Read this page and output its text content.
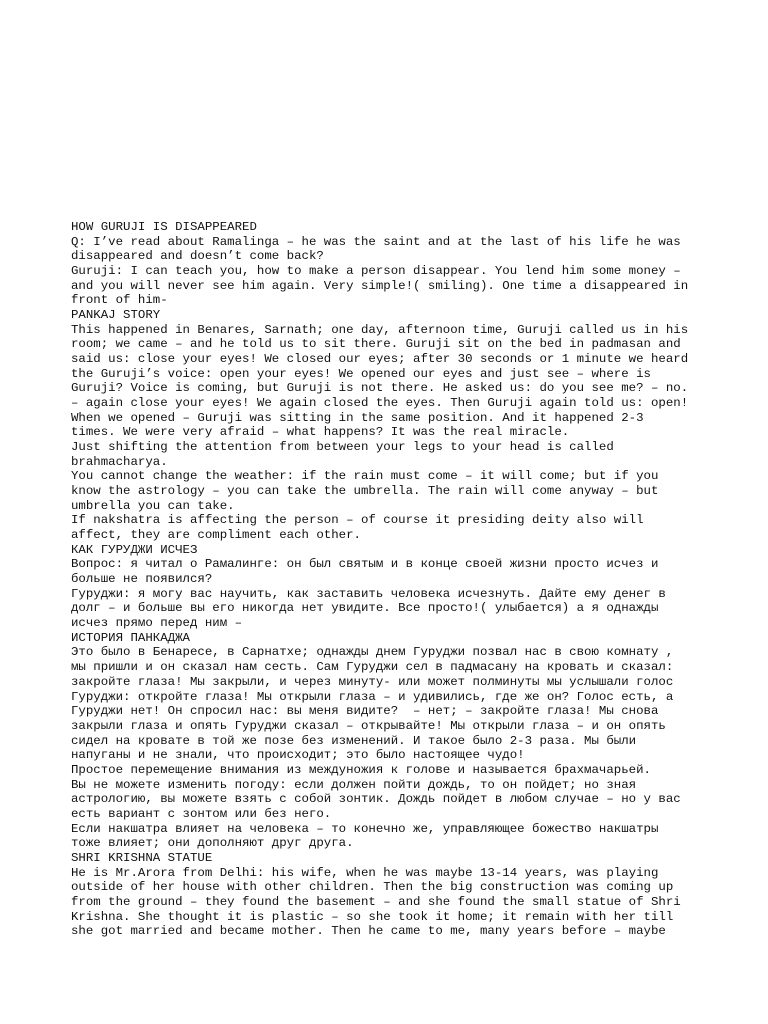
HOW GURUJI IS DISAPPEARED
Q: I’ve read about Ramalinga – he was the saint and at the last of his life he was
disappeared and doesn’t come back?
Guruji: I can teach you, how to make a person disappear. You lend him some money –
and you will never see him again. Very simple!( smiling). One time a disappeared in
front of him-
PANKAJ STORY
This happened in Benares, Sarnath; one day, afternoon time, Guruji called us in his
room; we came – and he told us to sit there. Guruji sit on the bed in padmasan and
said us: close your eyes! We closed our eyes; after 30 seconds or 1 minute we heard
the Guruji’s voice: open your eyes! We opened our eyes and just see – where is
Guruji? Voice is coming, but Guruji is not there. He asked us: do you see me? – no.
– again close your eyes! We again closed the eyes. Then Guruji again told us: open!
When we opened – Guruji was sitting in the same position. And it happened 2-3
times. We were very afraid – what happens? It was the real miracle.
Just shifting the attention from between your legs to your head is called
brahmacharya.
You cannot change the weather: if the rain must come – it will come; but if you
know the astrology – you can take the umbrella. The rain will come anyway – but
umbrella you can take.
If nakshatra is affecting the person – of course it presiding deity also will
affect, they are compliment each other.
КАК ГУРУДЖИ ИСЧЕЗ
Вопрос: я читал о Рамалинге: он был святым и в конце своей жизни просто исчез и
больше не появился?
Гуруджи: я могу вас научить, как заставить человека исчезнуть. Дайте ему денег в
долг – и больше вы его никогда нет увидите. Все просто!( улыбается) а я однажды
исчез прямо перед ним –
ИСТОРИЯ ПАНКАДЖА
Это было в Бенаресе, в Сарнатхе; однажды днем Гуруджи позвал нас в свою комнату ,
мы пришли и он сказал нам сесть. Сам Гуруджи сел в падмасану на кровать и сказал:
закройте глаза! Мы закрыли, и через минуту- или может полминуты мы услышали голос
Гуруджи: откройте глаза! Мы открыли глаза – и удивились, где же он? Голос есть, а
Гуруджи нет! Он спросил нас: вы меня видите?  – нет; – закройте глаза! Мы снова
закрыли глаза и опять Гуруджи сказал – открывайте! Мы открыли глаза – и он опять
сидел на кровате в той же позе без изменений. И такое было 2-3 раза. Мы были
напуганы и не знали, что происходит; это было настоящее чудо!
Простое перемещение внимания из междуножия к голове и называется брахмачарьей.
Вы не можете изменить погоду: если должен пойти дождь, то он пойдет; но зная
астрологию, вы можете взять с собой зонтик. Дождь пойдет в любом случае – но у вас
есть вариант с зонтом или без него.
Если накшатра влияет на человека – то конечно же, управляющее божество накшатры
тоже влияет; они дополняют друг друга.
SHRI KRISHNA STATUE
He is Mr.Arora from Delhi: his wife, when he was maybe 13-14 years, was playing
outside of her house with other children. Then the big construction was coming up
from the ground – they found the basement – and she found the small statue of Shri
Krishna. She thought it is plastic – so she took it home; it remain with her till
she got married and became mother. Then he came to me, many years before – maybe
